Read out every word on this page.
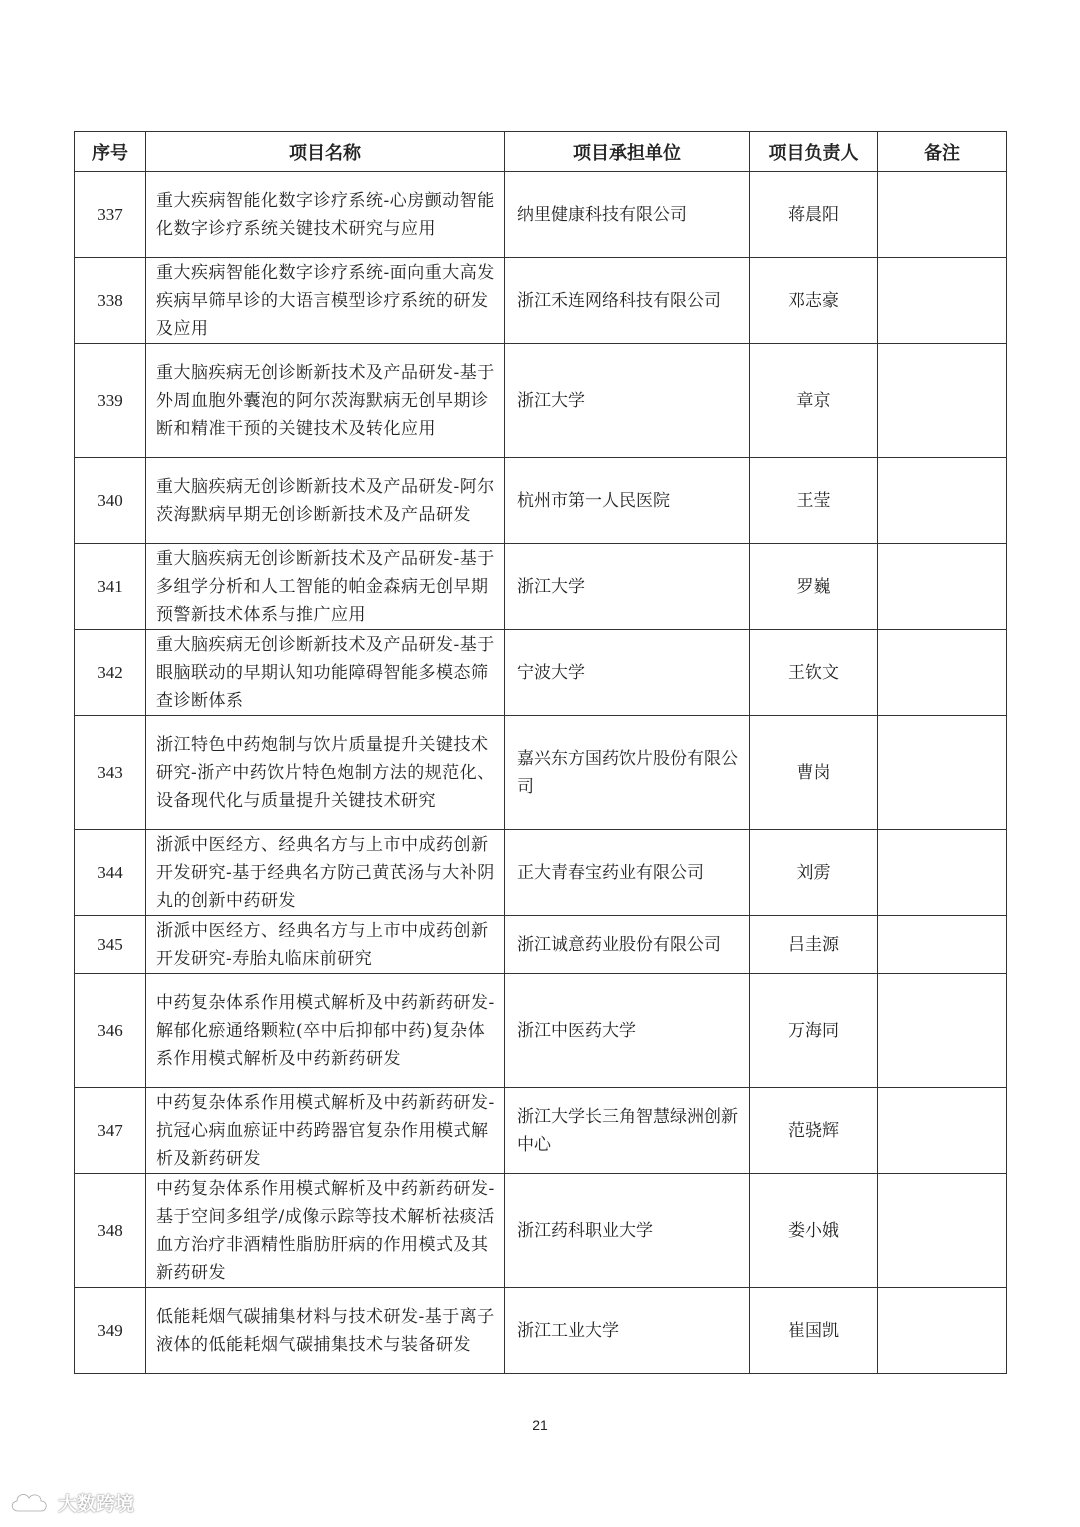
序号	项目名称	项目承担单位	项目负责人	备注
337	重大疾病智能化数字诊疗系统-心房颤动智能化数字诊疗系统关键技术研究与应用	纳里健康科技有限公司	蒋晨阳	
338	重大疾病智能化数字诊疗系统-面向重大高发疾病早筛早诊的大语言模型诊疗系统的研发及应用	浙江禾连网络科技有限公司	邓志豪	
339	重大脑疾病无创诊断新技术及产品研发-基于外周血胞外囊泡的阿尔茨海默病无创早期诊断和精准干预的关键技术及转化应用	浙江大学	章京	
340	重大脑疾病无创诊断新技术及产品研发-阿尔茨海默病早期无创诊断新技术及产品研发	杭州市第一人民医院	王莹	
341	重大脑疾病无创诊断新技术及产品研发-基于多组学分析和人工智能的帕金森病无创早期预警新技术体系与推广应用	浙江大学	罗巍	
342	重大脑疾病无创诊断新技术及产品研发-基于眼脑联动的早期认知功能障碍智能多模态筛查诊断体系	宁波大学	王钦文	
343	浙江特色中药炮制与饮片质量提升关键技术研究-浙产中药饮片特色炮制方法的规范化、设备现代化与质量提升关键技术研究	嘉兴东方国药饮片股份有限公司	曹岗	
344	浙派中医经方、经典名方与上市中成药创新开发研究-基于经典名方防己黄芪汤与大补阴丸的创新中药研发	正大青春宝药业有限公司	刘雳	
345	浙派中医经方、经典名方与上市中成药创新开发研究-寿胎丸临床前研究	浙江诚意药业股份有限公司	吕圭源	
346	中药复杂体系作用模式解析及中药新药研发-解郁化瘀通络颗粒(卒中后抑郁中药)复杂体系作用模式解析及中药新药研发	浙江中医药大学	万海同	
347	中药复杂体系作用模式解析及中药新药研发-抗冠心病血瘀证中药跨器官复杂作用模式解析及新药研发	浙江大学长三角智慧绿洲创新中心	范骁辉	
348	中药复杂体系作用模式解析及中药新药研发-基于空间多组学/成像示踪等技术解析祛痰活血方治疗非酒精性脂肪肝病的作用模式及其新药研发	浙江药科职业大学	娄小娥	
349	低能耗烟气碳捕集材料与技术研发-基于离子液体的低能耗烟气碳捕集技术与装备研发	浙江工业大学	崔国凯	
21
大数跨境
